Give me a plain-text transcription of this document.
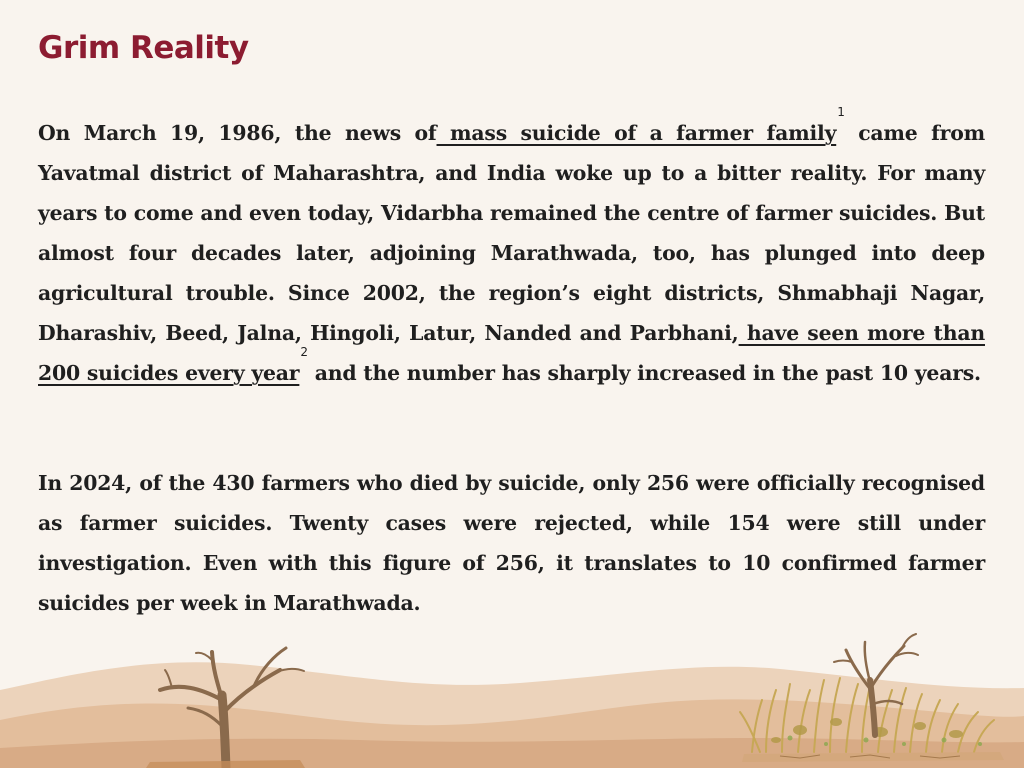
Grim Reality

On March 19, 1986, the news of mass suicide of a farmer family$^1$ came from Yavatmal district of Maharashtra, and India woke up to a bitter reality. For many years to come and even today, Vidarbha remained the centre of farmer suicides. But almost four decades later, adjoining Marathwada, too, has plunged into deep agricultural trouble. Since 2002, the region’s eight districts, Shmabhaji Nagar, Dharashiv, Beed, Jalna, Hingoli, Latur, Nanded and Parbhani, have seen more than 200 suicides every year$^2$ and the number has sharply increased in the past 10 years.

In 2024, of the 430 farmers who died by suicide, only 256 were officially recognised as farmer suicides. Twenty cases were rejected, while 154 were still under investigation. Even with this figure of 256, it translates to 10 confirmed farmer suicides per week in Marathwada.
